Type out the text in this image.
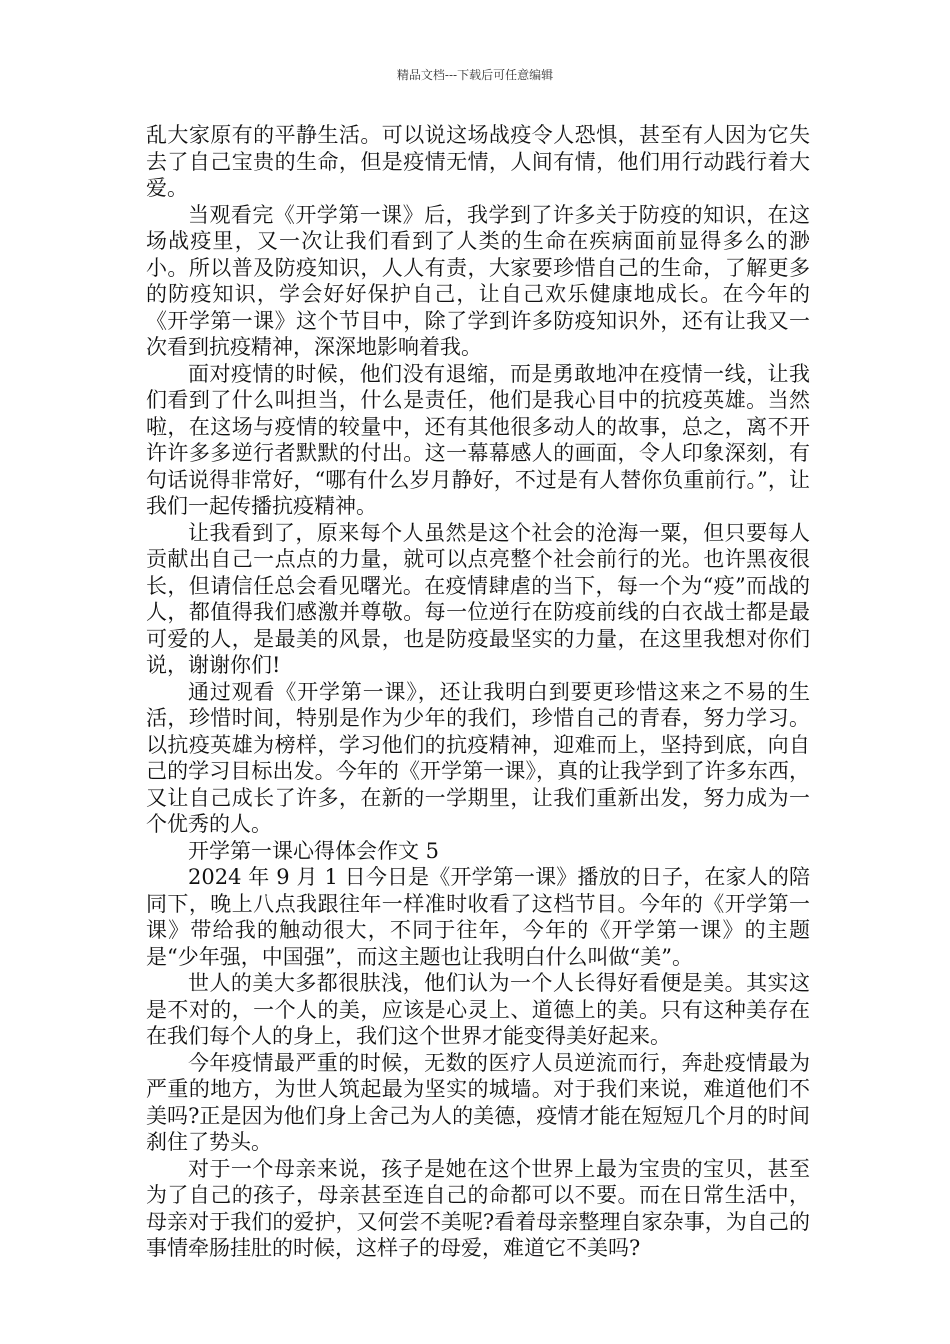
精品文档---下载后可任意编辑

乱大家原有的平静生活。可以说这场战疫令人恐惧，甚至有人因为它失去了自己宝贵的生命，但是疫情无情，人间有情，他们用行动践行着大爱。

当观看完《开学第一课》后，我学到了许多关于防疫的知识，在这场战疫里，又一次让我们看到了人类的生命在疾病面前显得多么的渺小。所以普及防疫知识，人人有责，大家要珍惜自己的生命，了解更多的防疫知识，学会好好保护自己，让自己欢乐健康地成长。在今年的《开学第一课》这个节目中，除了学到许多防疫知识外，还有让我又一次看到抗疫精神，深深地影响着我。

面对疫情的时候，他们没有退缩，而是勇敢地冲在疫情一线，让我们看到了什么叫担当，什么是责任，他们是我心目中的抗疫英雄。当然啦，在这场与疫情的较量中，还有其他很多动人的故事，总之，离不开许许多多逆行者默默的付出。这一幕幕感人的画面，令人印象深刻，有句话说得非常好，“哪有什么岁月静好，不过是有人替你负重前行。”，让我们一起传播抗疫精神。

让我看到了，原来每个人虽然是这个社会的沧海一粟，但只要每人贡献出自己一点点的力量，就可以点亮整个社会前行的光。也许黑夜很长，但请信任总会看见曙光。在疫情肆虐的当下，每一个为“疫”而战的人，都值得我们感激并尊敬。每一位逆行在防疫前线的白衣战士都是最可爱的人，是最美的风景，也是防疫最坚实的力量，在这里我想对你们说，谢谢你们!

通过观看《开学第一课》，还让我明白到要更珍惜这来之不易的生活，珍惜时间，特别是作为少年的我们，珍惜自己的青春，努力学习。以抗疫英雄为榜样，学习他们的抗疫精神，迎难而上，坚持到底，向自己的学习目标出发。今年的《开学第一课》，真的让我学到了许多东西，又让自己成长了许多，在新的一学期里，让我们重新出发，努力成为一个优秀的人。

开学第一课心得体会作文 5

2024 年 9 月 1 日今日是《开学第一课》播放的日子，在家人的陪同下，晚上八点我跟往年一样准时收看了这档节目。今年的《开学第一课》带给我的触动很大，不同于往年，今年的《开学第一课》的主题是“少年强，中国强”，而这主题也让我明白什么叫做“美”。

世人的美大多都很肤浅，他们认为一个人长得好看便是美。其实这是不对的，一个人的美，应该是心灵上、道德上的美。只有这种美存在在我们每个人的身上，我们这个世界才能变得美好起来。

今年疫情最严重的时候，无数的医疗人员逆流而行，奔赴疫情最为严重的地方，为世人筑起最为坚实的城墙。对于我们来说，难道他们不美吗?正是因为他们身上舍己为人的美德，疫情才能在短短几个月的时间刹住了势头。

对于一个母亲来说，孩子是她在这个世界上最为宝贵的宝贝，甚至为了自己的孩子，母亲甚至连自己的命都可以不要。而在日常生活中，母亲对于我们的爱护，又何尝不美呢?看着母亲整理自家杂事，为自己的事情牵肠挂肚的时候，这样子的母爱，难道它不美吗?
